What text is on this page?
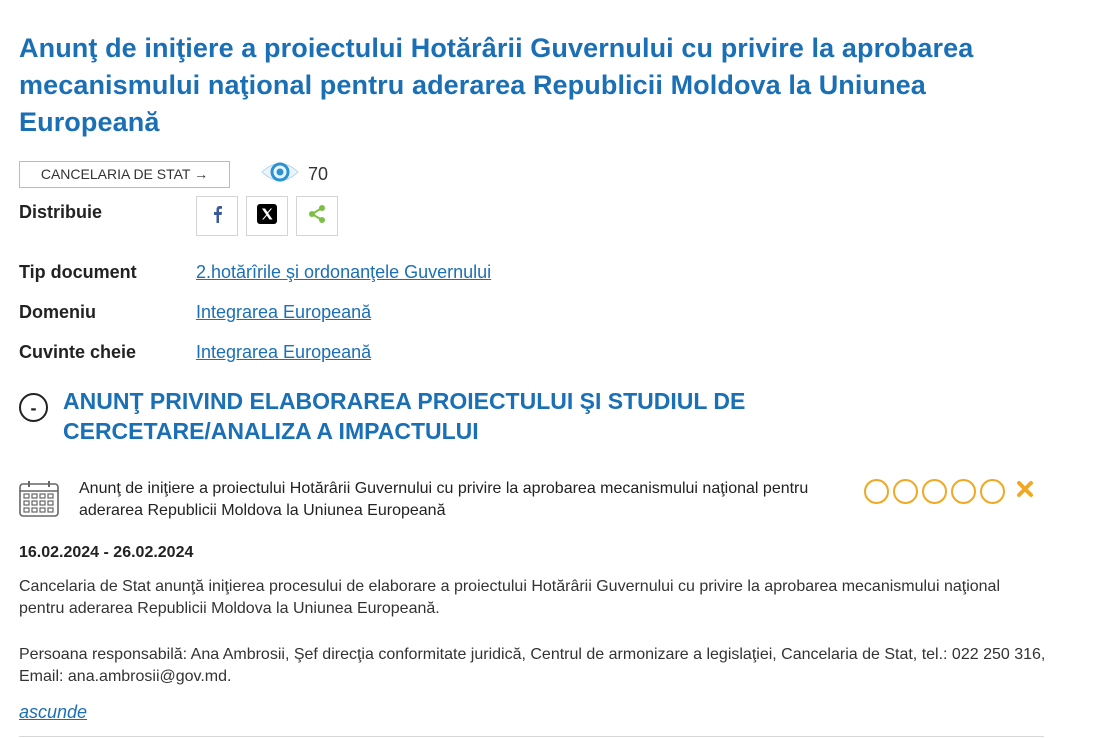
Anunţ de iniţiere a proiectului Hotărârii Guvernului cu privire la aprobarea mecanismului naţional pentru aderarea Republicii Moldova la Uniunea Europeană
CANCELARIA DE STAT →	70
Distribuie
Tip document	2.hotărîrile şi ordonanţele Guvernului
Domeniu	Integrarea Europeană
Cuvinte cheie	Integrarea Europeană
-	ANUNŢ PRIVIND ELABORAREA PROIECTULUI ŞI STUDIUL DE CERCETARE/ANALIZA A IMPACTULUI
Anunţ de iniţiere a proiectului Hotărârii Guvernului cu privire la aprobarea mecanismului naţional pentru aderarea Republicii Moldova la Uniunea Europeană
16.02.2024 - 26.02.2024

Cancelaria de Stat anunţă iniţierea procesului de elaborare a proiectului Hotărârii Guvernului cu privire la aprobarea mecanismului naţional pentru aderarea Republicii Moldova la Uniunea Europeană.

Persoana responsabilă: Ana Ambrosii, Şef direcţia conformitate juridică, Centrul de armonizare a legislaţiei, Cancelaria de Stat, tel.: 022 250 316, Email: ana.ambrosii@gov.md.

ascunde
